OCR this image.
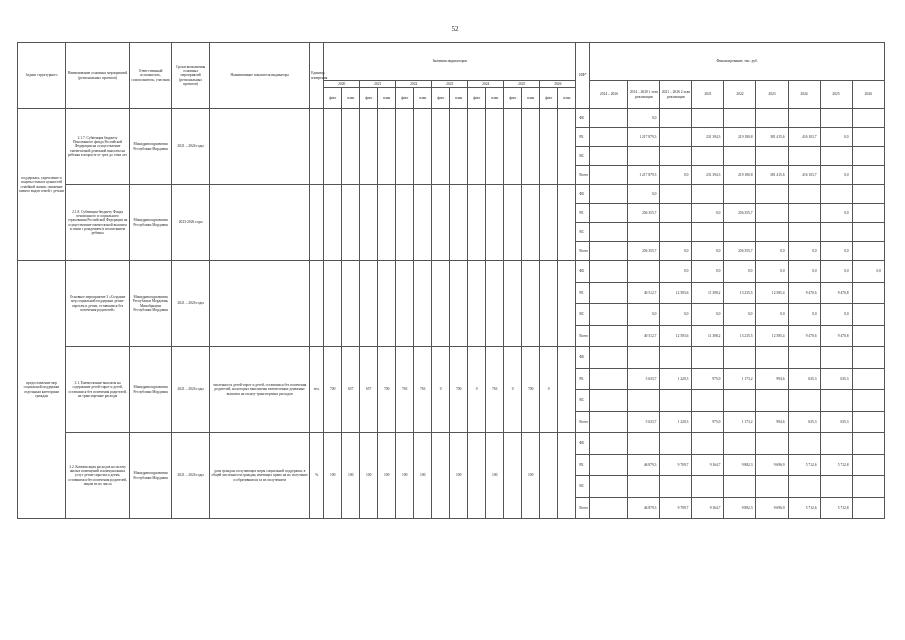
52
Задачи структурного	Наименование основных мероприятий (региональных проектов)	Ответственный исполнитель, соисполнитель, участник	Сроки выполнения основных мероприятий (региональных проектов)	Наименование показателя индикатора	Единица измерения	Значения индикаторов														ИФ*	Финансирование, тыс. руб.								
						2020		2021		2022		2023		2024		2025		2026			2014 – 2026	2014 – 2020 1 этап реализации	2021 – 2026 2 этап реализации	2021	2022	2023	2024	2025	2026
						факт	план	факт	план	факт	план	факт	план	факт	план	факт	план	факт	план										
поддержать, укрепление и защиты семьи и ценностей семейной жизни, снижение numero видов семей с детьми	2.1.7. Субвенция бюджету Пенсионного фонда Российской Федерации на осуществление ежемесячной денежной выплаты на ребенка в возрасте от трех до семи лет	Минздравсоцразвития Республики Мордовия	2021 – 2026 годы																	ФБ		0,0							
																				РБ		1 217 879,3		231 394,3	219 180,8	381 415,6	416 103,7	0,0	
																				ВС									
																				Всего		1 217 879,3	0,0	231 394,3	219 180,8	381 415,6	416 103,7	0,0	
	2.1.8. Субвенция бюджету Фонда пенсионного и социального страхования Российской Федерации на осуществление ежемесячной выплаты в связи с рождением и воспитанием ребенка	Минздравсоцразвития Республики Мордовия	2023-2026 годы																	ФБ		0,0							
																				РБ		256 355,7		0,0	256 355,7			0,0	
																				ВС									
																				Всего		256 355,7	0,0	0,0	256 355,7	0,0	0,0	0,0	
предоставление мер социальной поддержки отдельным категориям граждан	Основное мероприятие 3 «Создание мер социальной поддержки детям-сиротам и детям, оставшимся без попечения родителей»	Минздравсоцразвития Республики Мордовия, Минобрнауки Республики Мордовия	2021 – 2026 годы																	ФБ			0,0	0,0	0,0	0,0	0,0	0,0	0,0
																				РБ		40 512,7	12 583,6	11 308,2	13 235,5	12 585,4	9 470,6	9 470,8	
																				ВС		0,0	0,0	0,0	0,0	0,0	0,0	0,0	
																				Всего		40 512,7	12 583,6	11 308,2	13 235,5	12 585,4	9 470,6	9 470,8	
	3.1. Ежемесячные выплаты на содержание детей-сирот и детей, оставшихся без попечения родителей, на транспортные расходы	Минздравсоцразвития Республики Мордовия	2021 – 2026 годы	численность детей-сирот и детей, оставшихся без попечения родителей, на которых выплачены ежемесячные денежные выплаты на оплату транспортных расходов	чел.	700	657	657	700	763	763	0	700	0	763	0	700	0		ФБ									
																				РБ		5 633,7	1 220,3	975,0	1 173,2	994,6	635,3	635,3	
																				ВС									
																				Всего		5 633,7	1 220,3	975,0	1 173,2	994,6	635,3	635,3	
	3.2. Компенсация расходов на оплату жилых помещений и коммунальных услуг детям-сиротам и детям, оставшимся без попечения родителей, лицам из их числа	Минздравсоцразвития Республики Мордовия	2021 – 2026 годы	доля граждан, получающих меры социальной поддержки, в общей численности граждан, имеющих право на их получение и обратившихся за их получением	%	100	100	100	100	100	100		100		100		100			ФБ									
																				РБ		46 879,3	9 709,7	9 164,7	9 882,3	9 696,9	5 712,6	5 712,8	
																				ВС									
																				Всего		46 879,3	9 709,7	9 164,7	9 882,3	9 696,9	5 712,6	5 712,8	
